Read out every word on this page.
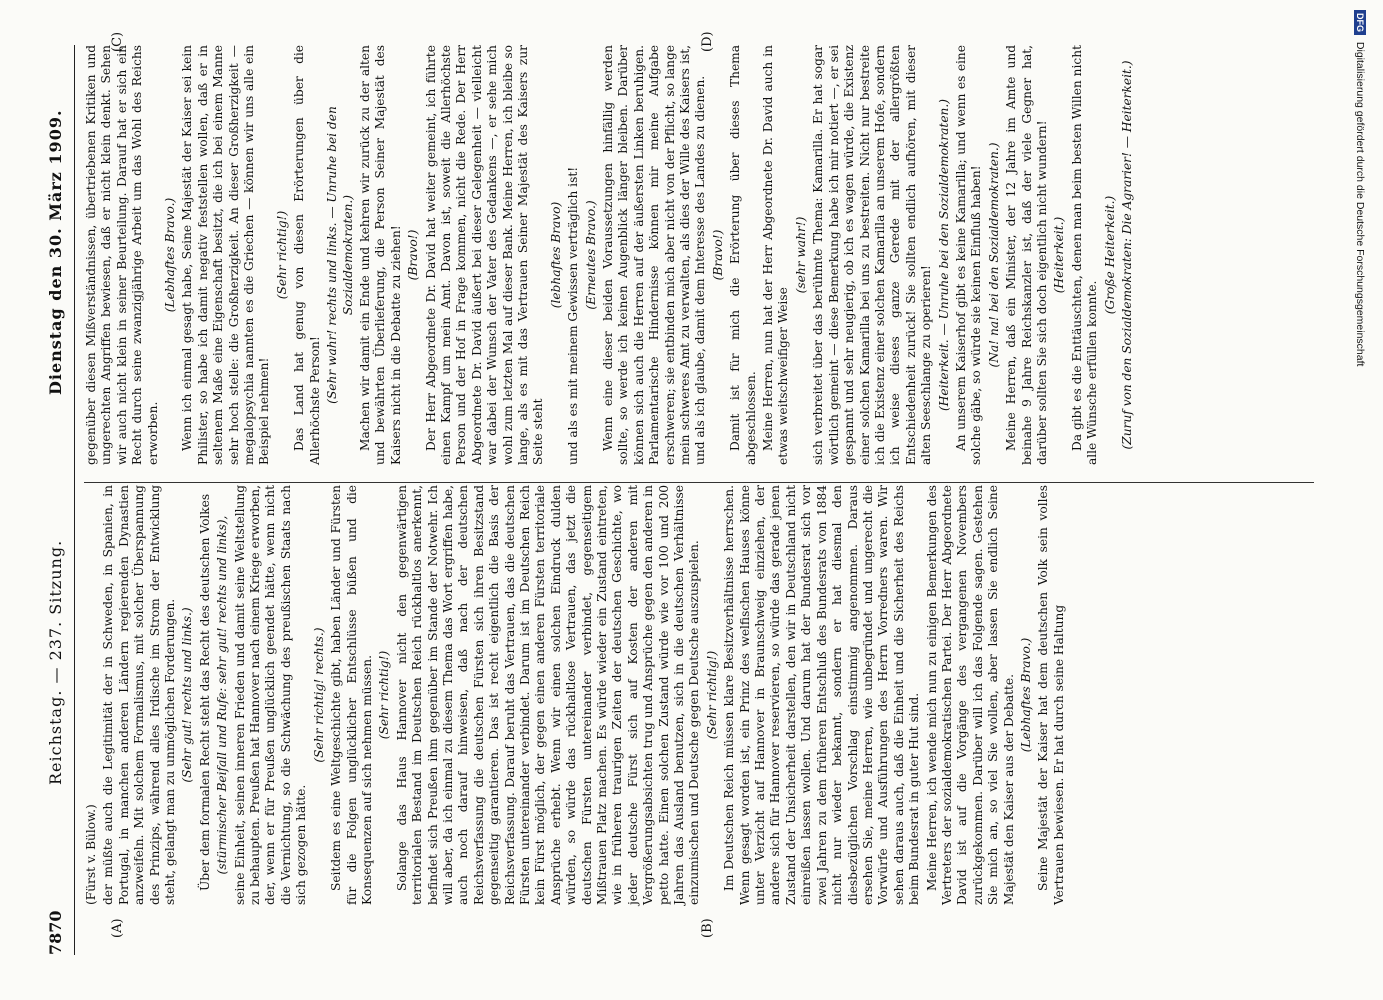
7870
Reichstag. — 237. Sitzung.
Dienstag den 30. März 1909.
(A)	(B)
(C)	(D)

(Fürst v. Bülow.) der müßte auch die Legitimität der in Schweden, in Spanien, in Portugal, in manchen anderen Ländern regierenden Dynastien anzweifeln. Mit solchem Formalismus, mit solcher Überspannung des Prinzips, während alles Irdische im Strom der Entwicklung steht, gelangt man zu unmöglichen Forderungen. (Sehr gut! rechts und links.) Über dem formalen Recht steht das Recht des deutschen Volkes (stürmischer Beifall und Rufe: sehr gut! rechts und links), seine Einheit, seinen inneren Frieden und damit seine Weltstellung zu behaupten. Preußen hat Hannover nach einem Kriege erworben, der, wenn er für Preußen unglücklich geendet hätte, wenn nicht die Vernichtung, so die Schwächung des preußischen Staats nach sich gezogen hätte.

(Sehr richtig! rechts.) Seitdem es eine Weltgeschichte gibt, haben Länder und Fürsten für die Folgen unglücklicher Entschlüsse büßen und die Konsequenzen auf sich nehmen müssen. (Sehr richtig!) Solange das Haus Hannover nicht den gegenwärtigen territorialen Bestand im Deutschen Reich rückhaltlos anerkennt, befindet sich Preußen ihm gegenüber im Stande der Notwehr. Ich will aber, da ich einmal zu diesem Thema das Wort ergriffen habe, auch noch darauf hinweisen, daß nach der deutschen Reichsverfassung die deutschen Fürsten sich ihren Besitzstand gegenseitig garantieren. Das ist recht eigentlich die Basis der Reichsverfassung. Darauf beruht das Vertrauen, das die deutschen Fürsten untereinander verbindet. Darum ist im Deutschen Reich kein Fürst möglich, der gegen einen anderen Fürsten territoriale Ansprüche erhebt. Wenn wir einen solchen Eindruck dulden würden, so würde das rückhaltlose Vertrauen, das jetzt die deutschen Fürsten untereinander verbindet, gegenseitigem Mißtrauen Platz machen. Es würde wieder ein Zustand eintreten, wie in früheren traurigen Zeiten der deutschen Geschichte, wo jeder deutsche Fürst sich auf Kosten der anderen mit Vergrößerungsabsichten trug und Ansprüche gegen den anderen in petto hatte. Einen solchen Zustand würde wie vor 100 und 200 Jahren das Ausland benutzen, sich in die deutschen Verhältnisse einzumischen und Deutsche gegen Deutsche auszuspielen. (Sehr richtig!) Im Deutschen Reich müssen klare Besitzverhältnisse herrschen. Wenn gesagt worden ist, ein Prinz des welfischen Hauses könne unter Verzicht auf Hannover in Braunschweig einziehen, der andere sich für Hannover reservieren, so würde das gerade jenen Zustand der Unsicherheit darstellen, den wir in Deutschland nicht einreißen lassen wollen. Und darum hat der Bundesrat sich vor zwei Jahren zu dem früheren Entschluß des Bundesrats von 1884 nicht nur wieder bekannt, sondern er hat diesmal den diesbezüglichen Vorschlag einstimmig angenommen. Daraus ersehen Sie, meine Herren, wie unbegründet und ungerecht die Vorwürfe und Ausführungen des Herrn Vorredners waren. Wir sehen daraus auch, daß die Einheit und die Sicherheit des Reichs beim Bundesrat in guter Hut sind. Meine Herren, ich wende mich nun zu einigen Bemerkungen des Vertreters der sozialdemokratischen Partei. Der Herr Abgeordnete David ist auf die Vorgänge des vergangenen Novembers zurückgekommen. Darüber will ich das Folgende sagen. Gestehen Sie mich an, so viel Sie wollen, aber lassen Sie endlich Seine Majestät den Kaiser aus der Debatte. (Lebhaftes Bravo.) Seine Majestät der Kaiser hat dem deutschen Volk sein volles Vertrauen bewiesen. Er hat durch seine Haltung

gegenüber diesen Mißverständnissen, übertriebenen Kritiken und ungerechten Angriffen bewiesen, daß er nicht klein denkt. Sehen wir auch nicht klein in seiner Beurteilung. Darauf hat er sich ein Recht durch seine zwanzigjährige Arbeit um das Wohl des Reichs erworben.

(Lebhaftes Bravo.) Wenn ich einmal gesagt habe, Seine Majestät der Kaiser sei kein Philister, so habe ich damit negativ feststellen wollen, daß er in seltenem Maße eine Eigenschaft besitzt, die ich bei einem Manne sehr hoch stelle: die Großherzigkeit. An dieser Großherzigkeit — megalopsychia nannten es die Griechen — können wir uns alle ein Beispiel nehmen!

(Sehr richtig!) Das Land hat genug von diesen Erörterungen über die Allerhöchste Person! (Sehr wahr! rechts und links. — Unruhe bei den Sozialdemokraten.) Machen wir damit ein Ende und kehren wir zurück zu der alten und bewährten Überlieferung, die Person Seiner Majestät des Kaisers nicht in die Debatte zu ziehen! (Bravo!) Der Herr Abgeordnete Dr. David hat weiter gemeint, ich führte einen Kampf um mein Amt. Davon ist, soweit die Allerhöchste Person und der Hof in Frage kommen, nicht die Rede. Der Herr Abgeordnete Dr. David äußert bei dieser Gelegenheit — vielleicht war dabei der Wunsch der Vater des Gedankens —, er sehe mich wohl zum letzten Mal auf dieser Bank. Meine Herren, ich bleibe so lange, als es mit das Vertrauen Seiner Majestät des Kaisers zur Seite steht

(lebhaftes Bravo) und als es mit meinem Gewissen verträglich ist! (Erneutes Bravo.) Wenn eine dieser beiden Voraussetzungen hinfällig werden sollte, so werde ich keinen Augenblick länger bleiben. Darüber können sich auch die Herren auf der äußersten Linken beruhigen. Parlamentarische Hindernisse können mir meine Aufgabe erschweren; sie entbinden mich aber nicht von der Pflicht, so lange mein schweres Amt zu verwalten, als dies der Wille des Kaisers ist, und als ich glaube, damit dem Interesse des Landes zu dienen. (Bravo!) Damit ist für mich die Erörterung über dieses Thema abgeschlossen. Meine Herren, nun hat der Herr Abgeordnete Dr. David auch in etwas weitschweifiger Weise

(sehr wahr!) sich verbreitet über das berühmte Thema: Kamarilla. Er hat sogar wörtlich gemeint — diese Bemerkung habe ich mir notiert —, er sei gespannt und sehr neugierig, ob ich es wagen würde, die Existenz einer solchen Kamarilla bei uns zu bestreiten. Nicht nur bestreite ich die Existenz einer solchen Kamarilla an unserem Hofe, sondern ich weise dieses ganze Gerede mit der allergrößten Entschiedenheit zurück! Sie sollten endlich aufhören, mit dieser alten Seeschlange zu operieren! (Heiterkeit. — Unruhe bei den Sozialdemokraten.) An unserem Kaiserhof gibt es keine Kamarilla; und wenn es eine solche gäbe, so würde sie keinen Einfluß haben! (Na! na! bei den Sozialdemokraten.) Meine Herren, daß ein Minister, der 12 Jahre im Amte und beinahe 9 Jahre Reichskanzler ist, daß der viele Gegner hat, darüber sollten Sie sich doch eigentlich nicht wundern! (Heiterkeit.) Da gibt es die Enttäuschten, denen man beim besten Willen nicht alle Wünsche erfüllen konnte.

(Große Heiterkeit.) (Zuruf von den Sozialdemokraten: Die Agrarier! — Heiterkeit.)

DFG Digitalisierung gefördert durch die Deutsche Forschungsgemeinschaft
